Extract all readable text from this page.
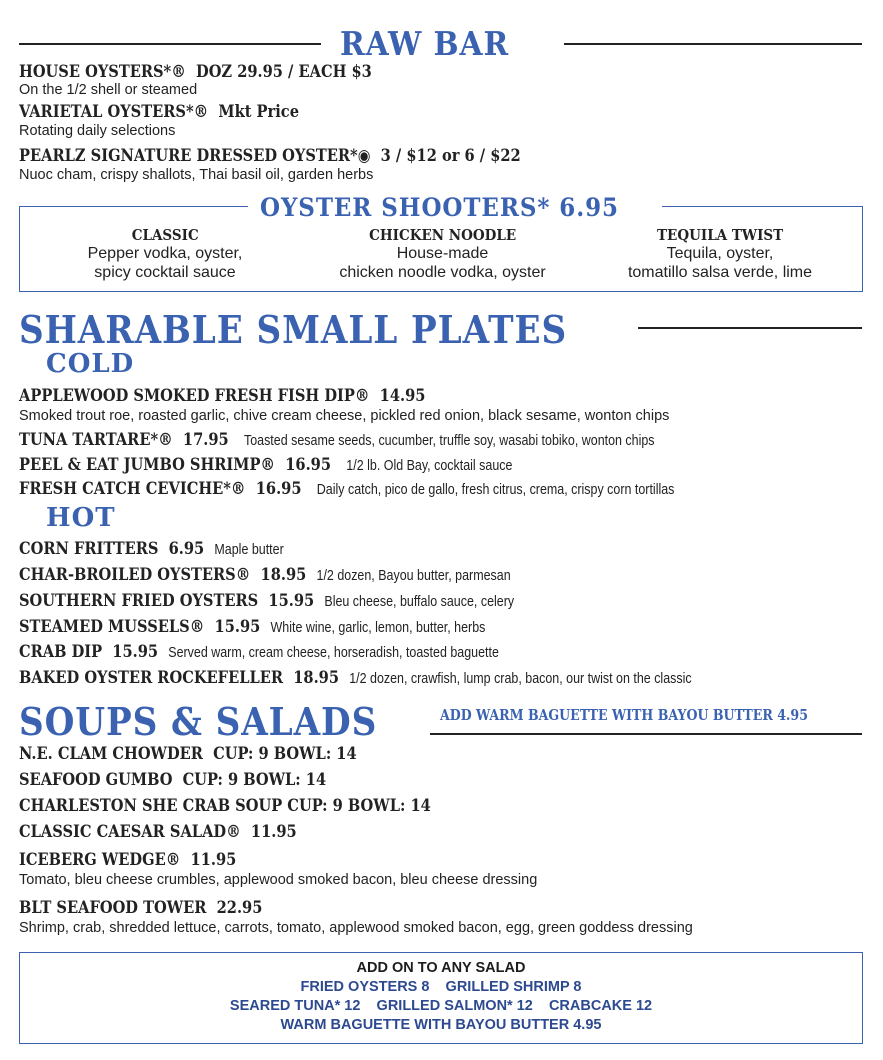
RAW BAR
HOUSE OYSTERS*® DOZ 29.95 / EACH $3
On the 1/2 shell or steamed
VARIETAL OYSTERS*® Mkt Price
Rotating daily selections
PEARLZ SIGNATURE DRESSED OYSTER*◉ 3 / $12 or 6 / $22
Nuoc cham, crispy shallots, Thai basil oil, garden herbs
OYSTER SHOOTERS* 6.95
CLASSIC
Pepper vodka, oyster,
spicy cocktail sauce
CHICKEN NOODLE
House-made
chicken noodle vodka, oyster
TEQUILA TWIST
Tequila, oyster,
tomatillo salsa verde, lime
SHARABLE SMALL PLATES
COLD
APPLEWOOD SMOKED FRESH FISH DIP® 14.95
Smoked trout roe, roasted garlic, chive cream cheese, pickled red onion, black sesame, wonton chips
TUNA TARTARE*® 17.95 Toasted sesame seeds, cucumber, truffle soy, wasabi tobiko, wonton chips
PEEL & EAT JUMBO SHRIMP® 16.95 1/2 lb. Old Bay, cocktail sauce
FRESH CATCH CEVICHE*® 16.95 Daily catch, pico de gallo, fresh citrus, crema, crispy corn tortillas
HOT
CORN FRITTERS 6.95 Maple butter
CHAR-BROILED OYSTERS® 18.95 1/2 dozen, Bayou butter, parmesan
SOUTHERN FRIED OYSTERS 15.95 Bleu cheese, buffalo sauce, celery
STEAMED MUSSELS® 15.95 White wine, garlic, lemon, butter, herbs
CRAB DIP 15.95 Served warm, cream cheese, horseradish, toasted baguette
BAKED OYSTER ROCKEFELLER 18.95 1/2 dozen, crawfish, lump crab, bacon, our twist on the classic
SOUPS & SALADS	ADD WARM BAGUETTE WITH BAYOU BUTTER 4.95
N.E. CLAM CHOWDER CUP: 9 BOWL: 14
SEAFOOD GUMBO CUP: 9 BOWL: 14
CHARLESTON SHE CRAB SOUP CUP: 9 BOWL: 14
CLASSIC CAESAR SALAD® 11.95
ICEBERG WEDGE® 11.95
Tomato, bleu cheese crumbles, applewood smoked bacon, bleu cheese dressing
BLT SEAFOOD TOWER 22.95
Shrimp, crab, shredded lettuce, carrots, tomato, applewood smoked bacon, egg, green goddess dressing
ADD ON TO ANY SALAD
FRIED OYSTERS 8    GRILLED SHRIMP 8
SEARED TUNA* 12    GRILLED SALMON* 12    CRABCAKE 12
WARM BAGUETTE WITH BAYOU BUTTER 4.95
